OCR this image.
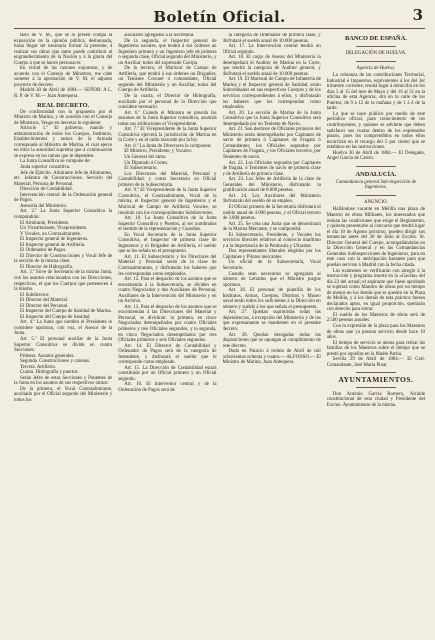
Boletín Oficial.	3

tarlo de V. M., que se ai presen compa la exposición de la opinión pública, deshonrada, hasta llegar ser necesaria formar la presente, á realizar sus obras que tanto puede contribuir al engrandecimiento de la Nación y á la gloria del Cuerpo á que se hacen personacer.

En virtud de las razones expuestas, y de acuerdo con el Consejo de Ministros, me cabe someter á la aprobación de V. M. el adjunto proyecto de decreto.

Madrid 30 de Abril de 1884.— SEÑOR: A L. R. P. de V. M.— Juan Antequera.

REAL DECRETO.

De conformidad con lo propuesto por el Ministro de Marina, y de acuerdo con el Consejo de Ministros, Vengo en decretar lo siguiente:

Artículo 1.º El gobierno, mando y administración de todos los Cuerpos, Institutos, Establecimientos y ramos de la Armada correspoade al Ministro de Marina, el cual ejerce en ellos la autoridad suprema que á continuación se expresa en los ramos que le dependen.

La Junta Consultiva se compone de:

Junta superior consultiva.

Jefe de Ejército. Almirante Jefe de Almirantes, etc. Jefatura de Construcciones. Servicio del Material, Persona de Personal.

Dirección de Contabilidad.

Intervención central de la Ordenación general de Pagos.

Asesoría del Ministerio.

Art. 2.º La Junta Superior Consultiva la compondrán:

El Almirante, Presidente.

Un Vicealmirante, Vicepresidente.

Y Vocales, un Contraalmirante.

El Inspector general de Ingenieros.

El Inspector general de Artillería.

El Ordenador de Pagos.

El Director de Construcciones y Vocal Jefe de la sección de la misma clase.

El Director de Hidrografía.

Art. 3.º Sirve de Secretario de la misma Junta, con los asuntos relacionados con las Direcciones, respectivas, el que los Cuerpos que pertenecen á la misma.

El Subdirector.

El Director del Material.

El Director del Personal.

El Inspector del Cuerpo de Sanidad de Marina.

El Inspector del Cuerpo de Sanidad.

Art. 4.º La Junta que nombre el Presidente lo considere oportuno, con voz, el Asesor de la Junta.

Art. 5.º El personal auxiliar de la Junta Superior Consultiva se divide en cuatro Secciones:

Primera. Asuntos generales.

Segunda. Construcciones y carenas.

Tercera. Artillería.

Cuarta. Hidrografía y puertos.

Serán Jefes de estas Secciones y Ponentes de la Junta en los asuntos de sus respectivos ramos:

De la primera, el Vocal Contraalmirante, auxiliado por el Oficial segundo del Ministerio y todos los

auxiliares agregados á la Secretaría.

De la segunda, el Inspector general de Ingenieros navales, que tendrá á sus órdenes un Ingeniero primero y un Ingeniero jefe de primera o segunda clase, Oficial segundo del Ministerio, y un Auxiliar, todos del expresado Cuerpo.

De la tercera, el Mariscal de Campo de Artillería, que tendrá á sus órdenes un Brigadier, un Teniente Coronel ó comandante, Oficial segundo del Ministerio y un Auxiliar, todos del Cuerpo de Artillería.

De la cuarta, el Director de Hidrografía, auxiliado por el personal de la Dirección que considere necesario.

Art. 6.º Cuando el Ministro se presida las sesiones de la Junta Superior consultiva, asumirá todas sus atribuciones el Vicepresidente.

Art. 7.º El Vicepresidente de la Junta Superior Consultiva ejercerá la jurisdicción de Marina en la Corte y en el radio marcado por la ley.

Art. 8.º La Junta de Directores la componen:

El Ministro, Presidente, y Vocales:

Un General del ramo.

Un Diputado á Cortes.

El Subsecretario.

Los Directores del Material, Personal y Contabilidad, y como Secretario un Oficial primero de la Subsecretaría.

Art. 9.º El Vicepresidente de la Junta Superior Consultiva, el Contraalmirante, Vocal de la misma, el Inspector general de Ingenieros y el Mariscal de Campo de Artillería Vocales, se reunirán con los correspondientes Subdirectores.

Art. 10. La Junta Consultiva de la Junta Superior Consultiva y Puertos, al ser nombradas el sentido de la representación y Guardias.

En Vocal Secretario de la Junta Superior Consultiva, el Inspector de primera clase de Ingenieros y el Brigadier de Artillería, el sueldo que se les señala en el presupuesto.

Art. 11. El Subsecretario y los Directores del Material y Personal serán de la clase de Contraalmirantes, y disfrutarán los haberes que les correspondan como empleados.

Art. 12. Para el despacho de los asuntos que se encomienda á la Subsecretaría, se dividen en cuatro Negociados y dos Auxiliares de Personal, Auxiliares de la Intervención del Ministerio y en un Archivo.

Art. 13. Para el despacho de los asuntos que se encomiendan á las Direcciones del Material y Personal, se dividirán: la primera, en cinco Negociados desempeñados por cuatro Oficiales primeros y tres Oficiales segundos, y la segunda, en cinco Negociados desempeñados por tres Oficiales primeros y seis Oficiales segundos.

Art. 14. El Director de Contabilidad y Ordenador de Pagos será de la categoría de Intendente, y disfrutará el sueldo que le corresponde como empleado.

Art. 15. La Dirección de Contabilidad estará constituida por un Oficial primero y un Oficial segundo.

Art. 16. El Interventor central y de la Ordenación de Pagos será de

la categoría de Ordenador de primera clase, y disfrutará el sueldo anual de 10.000 pesetas.

Art. 17. La Intervención central tendrá un Oficial segundo.

Art. 18. El cargo de Asesor del Ministerio la desempeñará el Auditor de Marina en la Corte, que tendrá la categoría de Auditor general, y disfrutará el sueldo anual de 10.000 pesetas.

Art. 19. El Mariscal de Campo de Infantería de Marina y el Inspector general de Sanidad, serán Subordinados en sus respectivos Cuerpos y de los servicios correspondientes á ellos, y disfrutarán los haberes que les correspondan como empleados.

Art. 20. La sección de Marina de la Junta Consultiva que la Junta Superior Consultiva será desempeñada por un Teniente de Navío.

Art. 21. Son destinos de Oficiales primeros del Ministerio serán desempeñados por Capitanes de navío de primera ó Capitanes de Fragata ó Comandantes; los Oficiales segundos por Capitanes de Fragata, y los Oficiales terceros, por Tenientes de navío.

Art. 22. Los Oficiales segundos por Capitanes de fragata, ó Tenientes de navío de primera clase y de Artillería de primera clase.

Art. 23. Los Jefes de Artillería de la clase de Generales del Ministerio, disfrutarán la gratificación anual de 8.000 pesetas.

Art. 24. Los Auxiliares del Ministerio disfrutarán del sueldo de su empleo.

El Oficial primero de la Secretaría disfrutará el sueldo anual de 4.000 pesetas, y el Oficial tercero de 3.000 pesetas.

Art. 25. Se crea una Junta que se denominará de la Marina Mercante, y se compondrá:

El Subsecretario, Presidente, y Vocales los servicios liberales relativos al comercio marítimo y a la importancia de la Península y Ultramar.

Dos representantes liberales elegidos por los Capitanes y Pilotos mercantes.

Un oficial de la Subsecretaría, Vocal Secretario.

Cuando sean necesarios se agregarán al número de Letrados que el Ministro juzgue oportuno.

Art. 26. El personal de plantilla de los Institutos, Armas, Cuerpos, Distritos y Museo naval serán todos los suficientes á la Dirección en número y sueldo á los que señala el presupuesto.

Art. 27. Quedan suprimidas todas las dependencias, á excepción del Ministerio y de las que expresamente se mantienen en el presente decreto.

Art. 28. Quedan derogadas todas las disposiciones que se opongan al cumplimiento de este decreto.

Dado en Palacio á treinta de Abril de mil ochocientos ochenta y cuatro.— ALFONSO.— El Ministro de Marina, Juan Antequera.

BANCO DE ESPAÑA.

DELEGACIÓN DE HUELVA.

Agencia de Huelva.

La cobranza de las contribuciones Territorial, Industrial é Impuestos, equivalentes á los del 3er trimestre corriente, tendrá lugar á domicilio en los días 5 al 15 del mes de Mayo y del 16 al 31 en la oficina de esta Agencia, sita en la calle de los Puertos, de 9 á 12 de la mañana y de 1 á 4 de la tarde.

Lo que se hace público por medio de este periódico oficial, para conocimiento de los contribuyentes, y quienes se advierte que deben satisfacer sus cuotas dentro de los expresados plazos, pues los comprendidos en todos ellos incurrirán en el recargo del 5 por ciento que se establece en las instrucciones.

Huelva 30 de Abril de 1884.— El Delegado, Angel García de Castro.

ANDALUCÍA.

Comandancia general Sub-inspección de Ingenieros.

ANUNCIO.

Hallándose vacante en Melilla una plaza de Maestro de obras Militares, los interesados que reúnan las condiciones que exige el Reglamento, y quieran presentarse al concurso que tendrá lugar el día 10 de Agosto próximo, pueden dirigir sus instancias antes del 30 de Julio al Excmo. Sr. Director General del Cuerpo, acompañándolas en la Dirección General y en las Comandancias Generales Subinspecciones de Ingenieros, para en este caso con la anticipación bastante para que puedan servirse á Madrid con la fecha citada.

Los exámenes se verificarán con arreglo á la instrucción y programa inserto en la «Gaceta» del día 23 del actual; el aspirante que fuese aprobado se sujetará como Maestro de obras por un tiempo de menos en los demás que se queden en la Plaza de Melilla, y á los demás de esta práctica fuesen declarados aptos, en igual proporción, quedarán con derecho para entrar.

El sueldo de los Maestros de obras será de 2.500 pesetas anuales.

Con la expresión de la plaza para los Maestros de obras que ya prestan servicio desde hace 10 años.

El tiempo de servicio se abona para retirar las familias de los Maestros sobre el tiempo que se prestó por aquellas en la Madre Patria.

Sevilla 29 de Abril de 1884.— El Gral. Comandante, José María Pinar.

AYUNTAMIENTOS.

Don Antonio García Romero, Alcalde constitucional de esta ciudad y Presidente del Excmo. Ayuntamiento de la misma.
